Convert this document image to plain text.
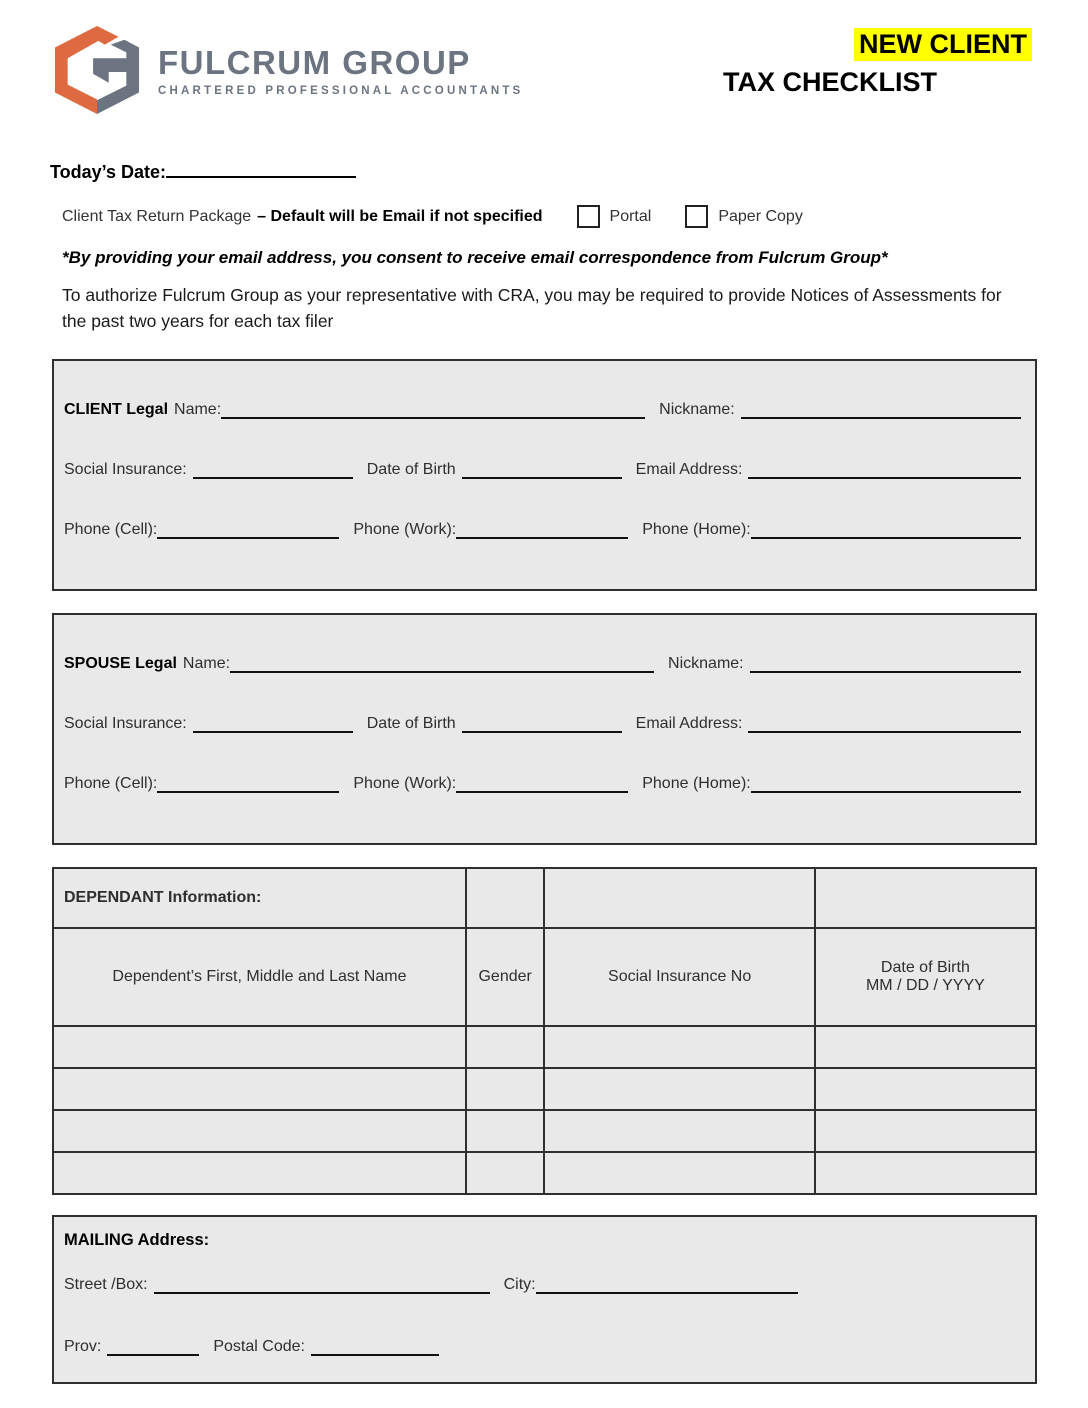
FULCRUM GROUP
CHARTERED PROFESSIONAL ACCOUNTANTS
NEW CLIENT
TAX CHECKLIST
Today’s Date:
Client Tax Return Package – Default will be Email if not specified	Portal	Paper Copy
*By providing your email address, you consent to receive email correspondence from Fulcrum Group*
To authorize Fulcrum Group as your representative with CRA, you may be required to provide Notices of Assessments for the past two years for each tax filer
CLIENT Legal Name:	Nickname:
Social Insurance:	Date of Birth	Email Address:
Phone (Cell):	Phone (Work):	Phone (Home):
SPOUSE Legal Name:	Nickname:
Social Insurance:	Date of Birth	Email Address:
Phone (Cell):	Phone (Work):	Phone (Home):
DEPENDANT Information:			
Dependent’s First, Middle and Last Name	Gender	Social Insurance No	Date of Birth
MM / DD / YYYY

MAILING Address:
Street /Box:	City:
Prov:	Postal Code:
